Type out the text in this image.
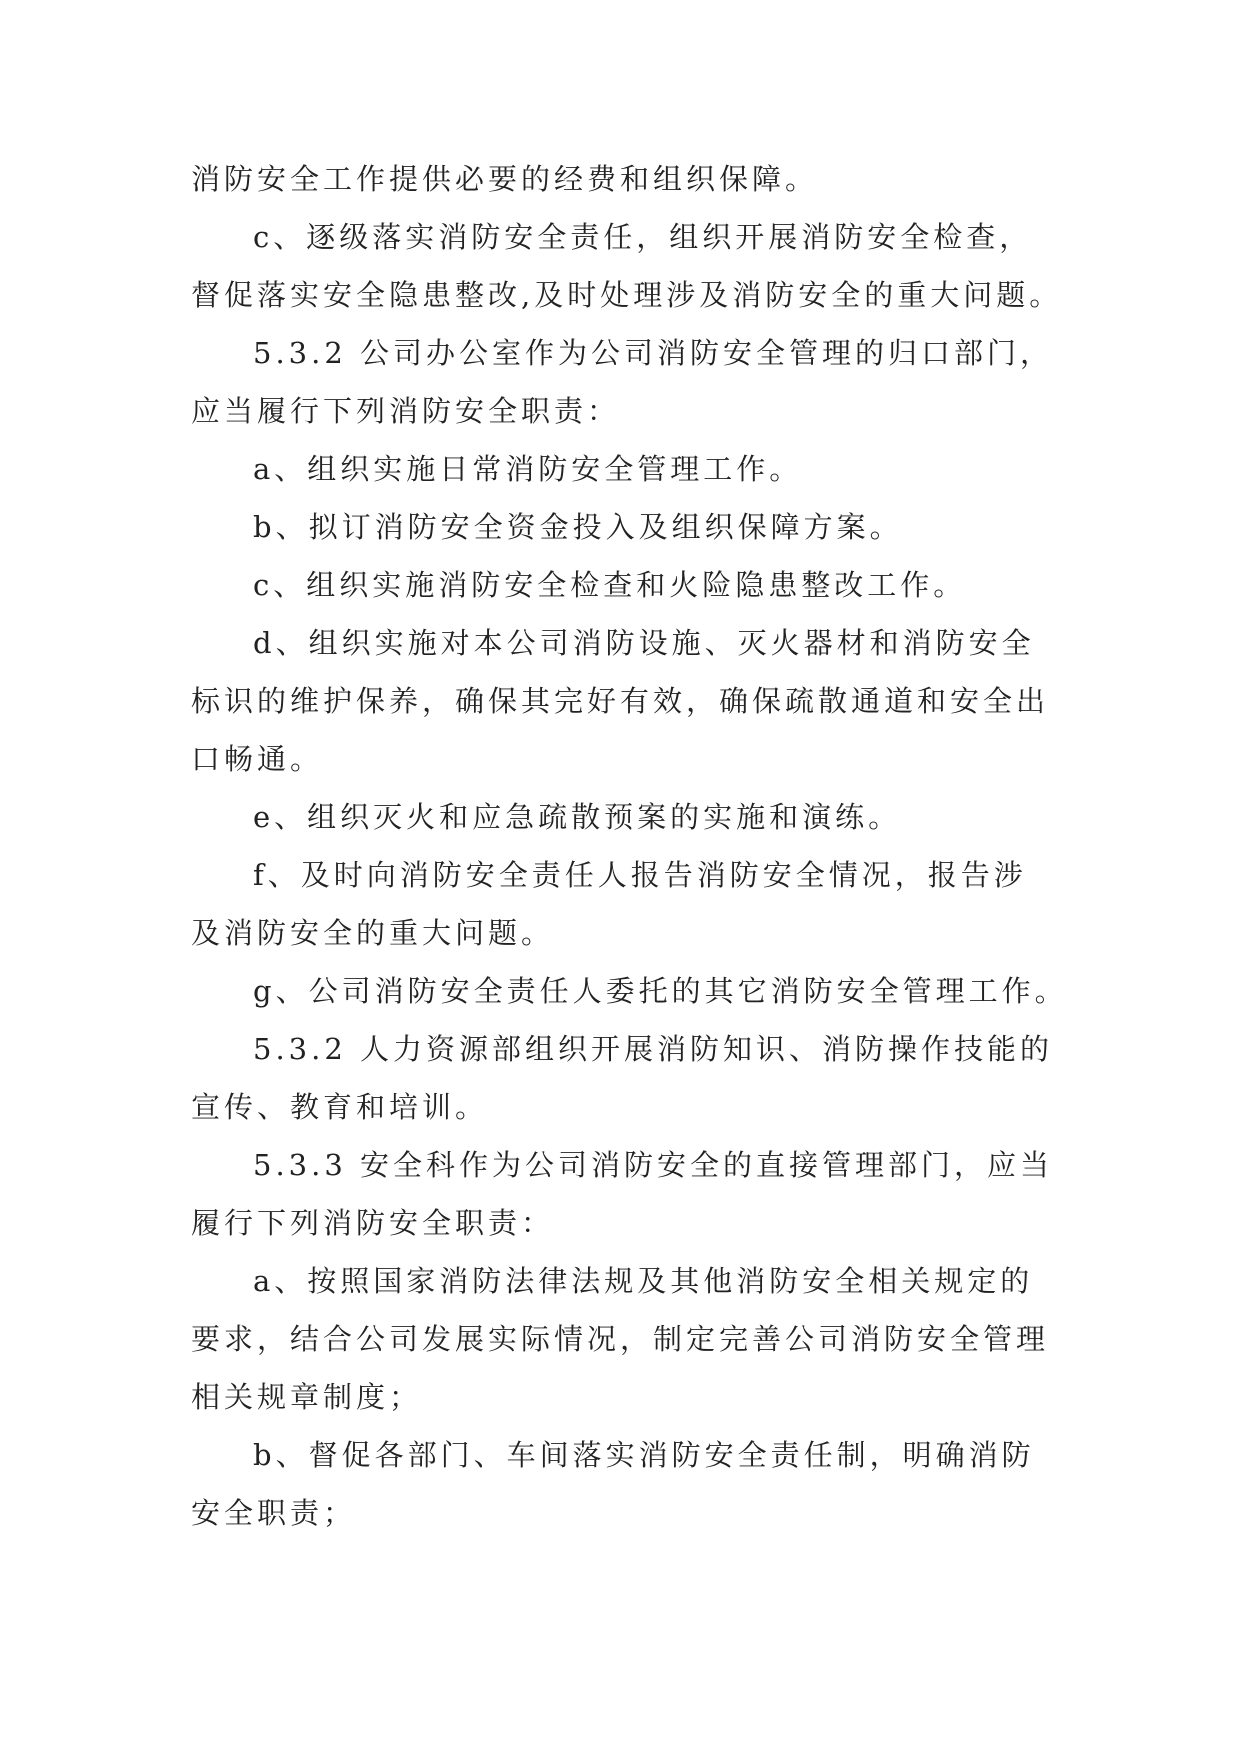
消防安全工作提供必要的经费和组织保障。
c、逐级落实消防安全责任，组织开展消防安全检查，
督促落实安全隐患整改,及时处理涉及消防安全的重大问题。
5.3.2 公司办公室作为公司消防安全管理的归口部门，
应当履行下列消防安全职责：
a、组织实施日常消防安全管理工作。
b、拟订消防安全资金投入及组织保障方案。
c、组织实施消防安全检查和火险隐患整改工作。
d、组织实施对本公司消防设施、灭火器材和消防安全
标识的维护保养，确保其完好有效，确保疏散通道和安全出
口畅通。
e、组织灭火和应急疏散预案的实施和演练。
f、及时向消防安全责任人报告消防安全情况，报告涉
及消防安全的重大问题。
g、公司消防安全责任人委托的其它消防安全管理工作。
5.3.2 人力资源部组织开展消防知识、消防操作技能的
宣传、教育和培训。
5.3.3 安全科作为公司消防安全的直接管理部门，应当
履行下列消防安全职责：
a、按照国家消防法律法规及其他消防安全相关规定的
要求，结合公司发展实际情况，制定完善公司消防安全管理
相关规章制度；
b、督促各部门、车间落实消防安全责任制，明确消防
安全职责；
